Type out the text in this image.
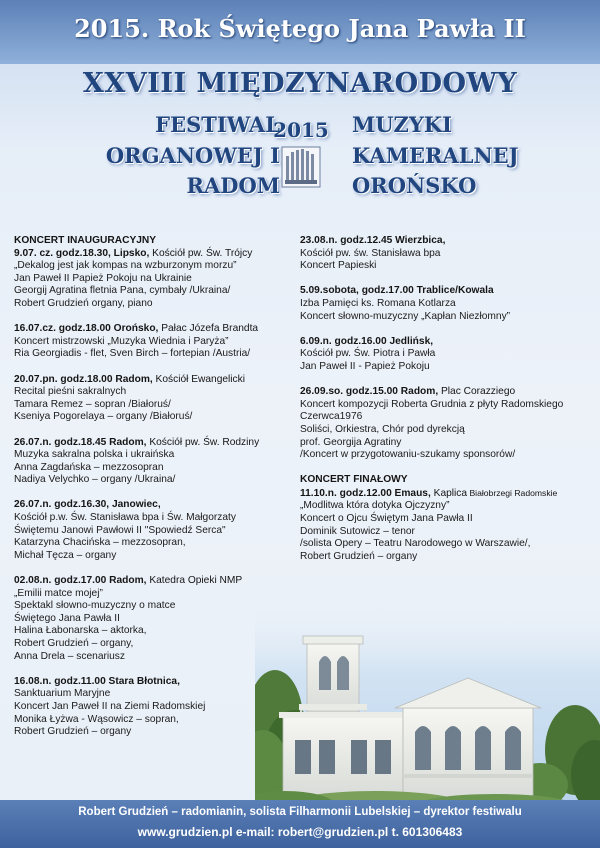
2015. Rok Świętego Jana Pawła II
XXVIII MIĘDZYNARODOWY
FESTIWAL
ORGANOWEJ I
RADOM
2015 MUZYKI
KAMERALNEJ
OROŃSKO
KONCERT INAUGURACYJNY
9.07. cz. godz.18.30, Lipsko, Kościół pw. Św. Trójcy
„Dekalog jest jak kompas na wzburzonym morzu”
Jan Paweł II Papież Pokoju na Ukrainie
Georgij Agratina fletnia Pana, cymbały /Ukraina/
Robert Grudzień organy, piano
16.07.cz. godz.18.00 Orońsko, Pałac Józefa Brandta
Koncert mistrzowski „Muzyka Wiednia i Paryża”
Ria Georgiadis - flet, Sven Birch – fortepian /Austria/
20.07.pn. godz.18.00 Radom, Kościół Ewangelicki
Recital pieśni sakralnych
Tamara Remez – sopran /Białoruś/
Kseniya Pogorelaya – organy /Białoruś/
26.07.n. godz.18.45 Radom, Kościół pw. Św. Rodziny
Muzyka sakralna polska i ukraińska
Anna Zagdańska – mezzosopran
Nadiya Velychko – organy /Ukraina/
26.07.n. godz.16.30, Janowiec,
Kościół p.w. Św. Stanisława bpa i Św. Małgorzaty
Świętemu Janowi Pawłowi II "Spowiedź Serca"
Katarzyna Chacińska – mezzosopran,
Michał Tęcza – organy
02.08.n. godz.17.00 Radom, Katedra Opieki NMP
„Emilii matce mojej”
Spektakl słowno-muzyczny o matce
Świętego Jana Pawła II
Halina Łabonarska – aktorka,
Robert Grudzień – organy,
Anna Drela – scenariusz
16.08.n. godz.11.00 Stara Błotnica,
Sanktuarium Maryjne
Koncert Jan Paweł II na Ziemi Radomskiej
Monika Łyżwa - Wąsowicz – sopran,
Robert Grudzień – organy
23.08.n. godz.12.45 Wierzbica,
Kościół pw. św. Stanisława bpa
Koncert Papieski
5.09.sobota, godz.17.00 Trablice/Kowala
Izba Pamięci ks. Romana Kotlarza
Koncert słowno-muzyczny „Kapłan Niezłomny”
6.09.n. godz.16.00 Jedlińsk,
Kościół pw. Św. Piotra i Pawła
Jan Paweł II - Papież Pokoju
26.09.so. godz.15.00 Radom, Plac Corazziego
Koncert kompozycji Roberta Grudnia z płyty Radomskiego
Czerwca1976
Soliści, Orkiestra, Chór pod dyrekcją
prof. Georgija Agratiny
/Koncert w przygotowaniu-szukamy sponsorów/
KONCERT FINAŁOWY
11.10.n. godz.12.00 Emaus, Kaplica Białobrzegi Radomskie
„Modlitwa która dotyka Ojczyzny”
Koncert o Ojcu Świętym Jana Pawła II
Dominik Sutowicz – tenor
/solista Opery – Teatru Narodowego w Warszawie/,
Robert Grudzień – organy
Robert Grudzień – radomianin, solista Filharmonii Lubelskiej – dyrektor festiwalu
www.grudzien.pl e-mail: robert@grudzien.pl t. 601306483
